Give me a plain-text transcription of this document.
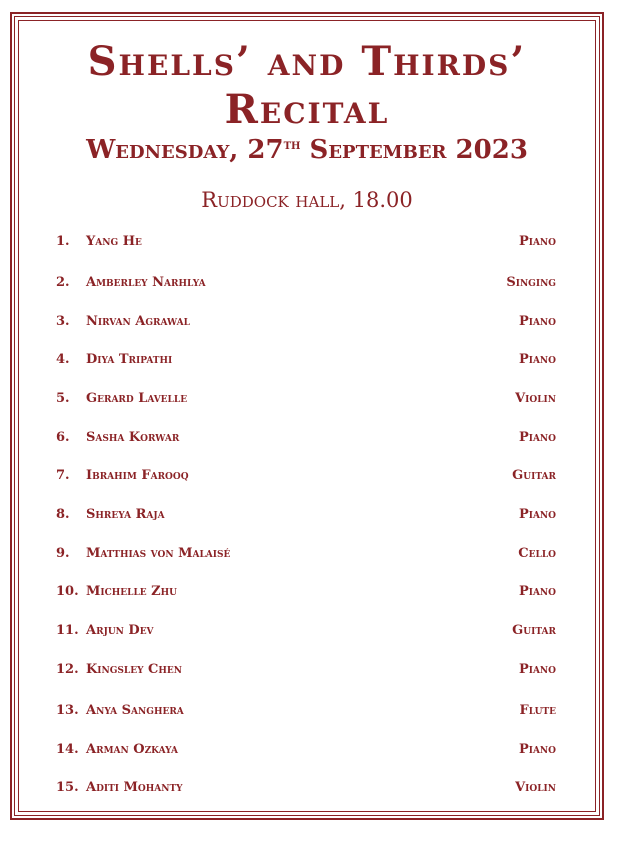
Shells’ and Thirds’
Recital
Wednesday, 27th September 2023
Ruddock hall, 18.00
1.	Yang He	Piano
2.	Amberley Narhlya	Singing
3.	Nirvan Agrawal	Piano
4.	Diya Tripathi	Piano
5.	Gerard Lavelle	Violin
6.	Sasha Korwar	Piano
7.	Ibrahim Farooq	Guitar
8.	Shreya Raja	Piano
9.	Matthias von Malaisé	Cello
10. Michelle Zhu	Piano
11. Arjun Dev	Guitar
12. Kingsley Chen	Piano
13. Anya Sanghera	Flute
14. Arman Ozkaya	Piano
15. Aditi Mohanty	Violin
